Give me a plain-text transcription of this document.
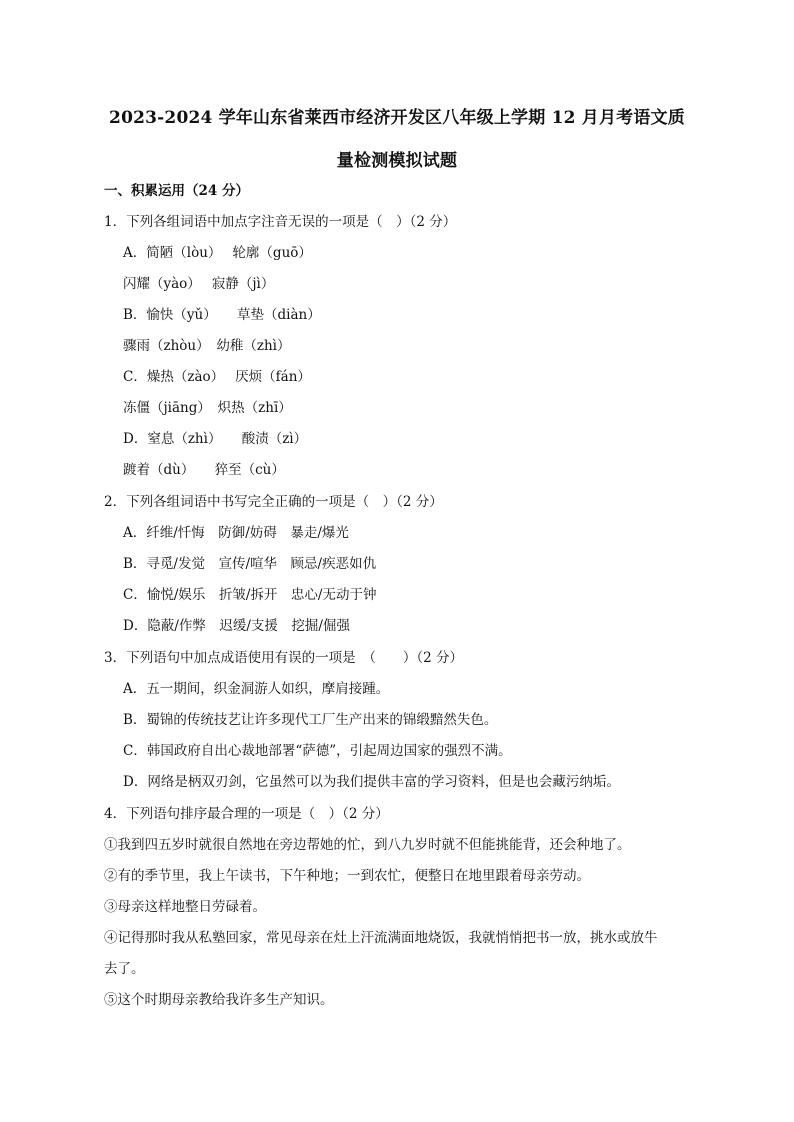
2023-2024 学年山东省莱西市经济开发区八年级上学期 12 月月考语文质
量检测模拟试题
一、积累运用（24 分）
1．下列各组词语中加点字注音无误的一项是（　）（2 分）
A．简陋（lòu）　 轮廓（guō）
闪耀（yào）　 寂静（jì）
B．愉快（yǔ）　　草垫（diàn）
骤雨（zhòu）　幼稚（zhì）
C．燥热（zào）　 厌烦（fán）
冻僵（jiāng）　炽热（zhī）
D．窒息（zhì）　　酸渍（zì）
踱着（dù）　　猝至（cù）
2．下列各组词语中书写完全正确的一项是（　）（2 分）
A．纤维/忏悔　防御/妨碍　暴走/爆光
B．寻觅/发觉　宣传/喧华　顾忌/疾恶如仇
C．愉悦/娱乐　折皱/拆开　忠心/无动于钟
D．隐蔽/作弊　迟缓/支援　挖掘/倔强
3．下列语句中加点成语使用有误的一项是　（　　）（2 分）
A．五一期间，织金洞游人如织，摩肩接踵。
B．蜀锦的传统技艺让许多现代工厂生产出来的锦缎黯然失色。
C．韩国政府自出心裁地部署“萨德”，引起周边国家的强烈不满。
D．网络是柄双刃剑，它虽然可以为我们提供丰富的学习资料，但是也会藏污纳垢。
4．下列语句排序最合理的一项是（　）（2 分）
①我到四五岁时就很自然地在旁边帮她的忙，到八九岁时就不但能挑能背，还会种地了。
②有的季节里，我上午读书，下午种地；一到农忙，便整日在地里跟着母亲劳动。
③母亲这样地整日劳碌着。
④记得那时我从私塾回家，常见母亲在灶上汗流满面地烧饭，我就悄悄把书一放，挑水或放牛
去了。
⑤这个时期母亲教给我许多生产知识。
